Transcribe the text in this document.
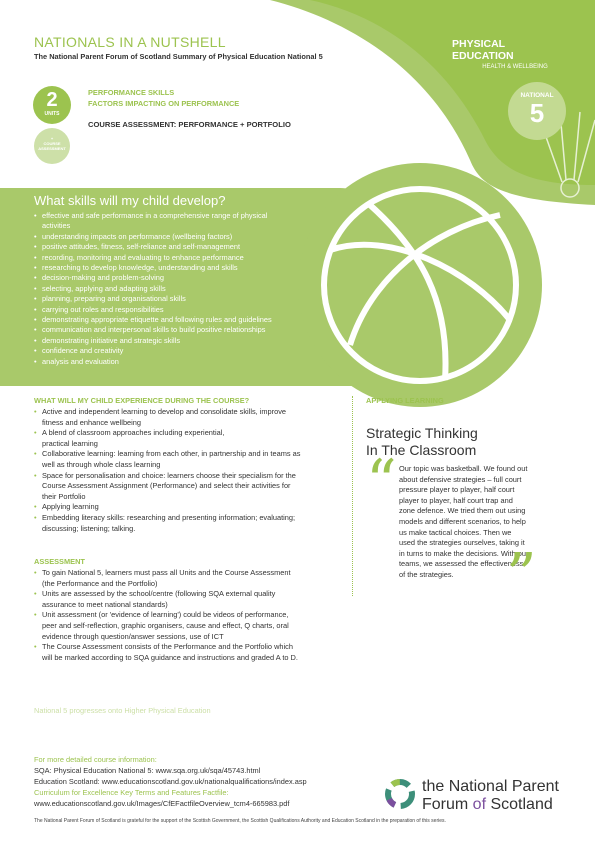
NATIONALS IN A NUTSHELL
The National Parent Forum of Scotland Summary of Physical Education National 5
2
UNITS
+
COURSE ASSESSMENT
PERFORMANCE SKILLS
FACTORS IMPACTING ON PERFORMANCE
COURSE ASSESSMENT: PERFORMANCE + PORTFOLIO
PHYSICAL EDUCATION
HEALTH & WELLBEING
NATIONAL
5
What skills will my child develop?
• effective and safe performance in a comprehensive range of physical activities
• understanding impacts on performance (wellbeing factors)
• positive attitudes, fitness, self-reliance and self-management
• recording, monitoring and evaluating to enhance performance
• researching to develop knowledge, understanding and skills
• decision-making and problem-solving
• selecting, applying and adapting skills
• planning, preparing and organisational skills
• carrying out roles and responsibilities
• demonstrating appropriate etiquette and following rules and guidelines
• communication and interpersonal skills to build positive relationships
• demonstrating initiative and strategic skills
• confidence and creativity
• analysis and evaluation
WHAT WILL MY CHILD EXPERIENCE DURING THE COURSE?
• Active and independent learning to develop and consolidate skills, improve fitness and enhance wellbeing
• A blend of classroom approaches including experiential, practical learning
• Collaborative learning: learning from each other, in partnership and in teams as well as through whole class learning
• Space for personalisation and choice: learners choose their specialism for the Course Assessment Assignment (Performance) and select their activities for their Portfolio
• Applying learning
• Embedding literacy skills: researching and presenting information; evaluating; discussing; listening; talking.
ASSESSMENT
• To gain National 5, learners must pass all Units and the Course Assessment (the Performance and the Portfolio)
• Units are assessed by the school/centre (following SQA external quality assurance to meet national standards)
• Unit assessment (or 'evidence of learning') could be videos of performance, peer and self-reflection, graphic organisers, cause and effect, Q charts, oral evidence through question/answer sessions, use of ICT
• The Course Assessment consists of the Performance and the Portfolio which will be marked according to SQA guidance and instructions and graded A to D.
APPLYING LEARNING
Strategic Thinking
In The Classroom
“ Our topic was basketball. We found out about defensive strategies – full court pressure player to player, half court player to player, half court trap and zone defence. We tried them out using models and different scenarios, to help us make tactical choices. Then we used the strategies ourselves, taking it in turns to make the decisions. With our teams, we assessed the effectiveness of the strategies. ”
National 5 progresses onto Higher Physical Education
For more detailed course information:
SQA: Physical Education National 5: www.sqa.org.uk/sqa/45743.html
Education Scotland: www.educationscotland.gov.uk/nationalqualifications/index.asp
Curriculum for Excellence Key Terms and Features Factfile:
www.educationscotland.gov.uk/Images/CfEFactfileOverview_tcm4-665983.pdf
the National Parent
Forum of Scotland
The National Parent Forum of Scotland is grateful for the support of the Scottish Government, the Scottish Qualifications Authority and Education Scotland in the preparation of this series.
